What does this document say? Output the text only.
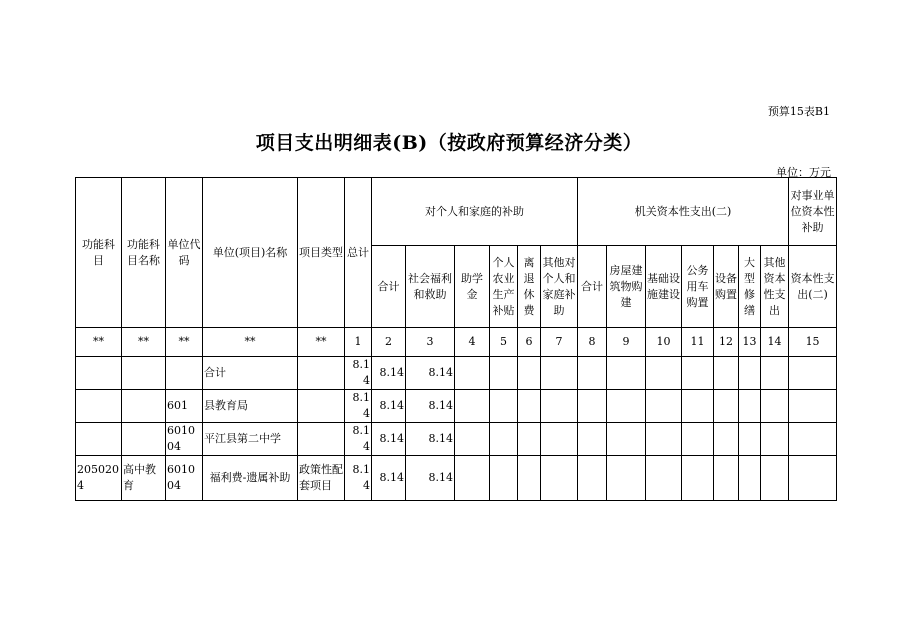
预算15表B1
项目支出明细表(B)（按政府预算经济分类）
单位：万元
功能科目	功能科目名称	单位代码	单位(项目)名称	项目类型	总计	对个人和家庭的补助						机关资本性支出(二)							对事业单位资本性补助
						合计	社会福利和救助	助学金	个人农业生产补贴	离退休费	其他对个人和家庭补助	合计	房屋建筑物购建	基础设施建设	公务用车购置	设备购置	大型修缮	其他资本性支出	资本性支出(二)
**	**	**	**	**	1	2	3	4	5	6	7	8	9	10	11	12	13	14	15
			合计		8.14	8.14	8.14												
		601	县教育局		8.14	8.14	8.14												
		601004	平江县第二中学		8.14	8.14	8.14												
2050204	高中教育	601004	福利费-遗属补助	政策性配套项目	8.14	8.14	8.14												
